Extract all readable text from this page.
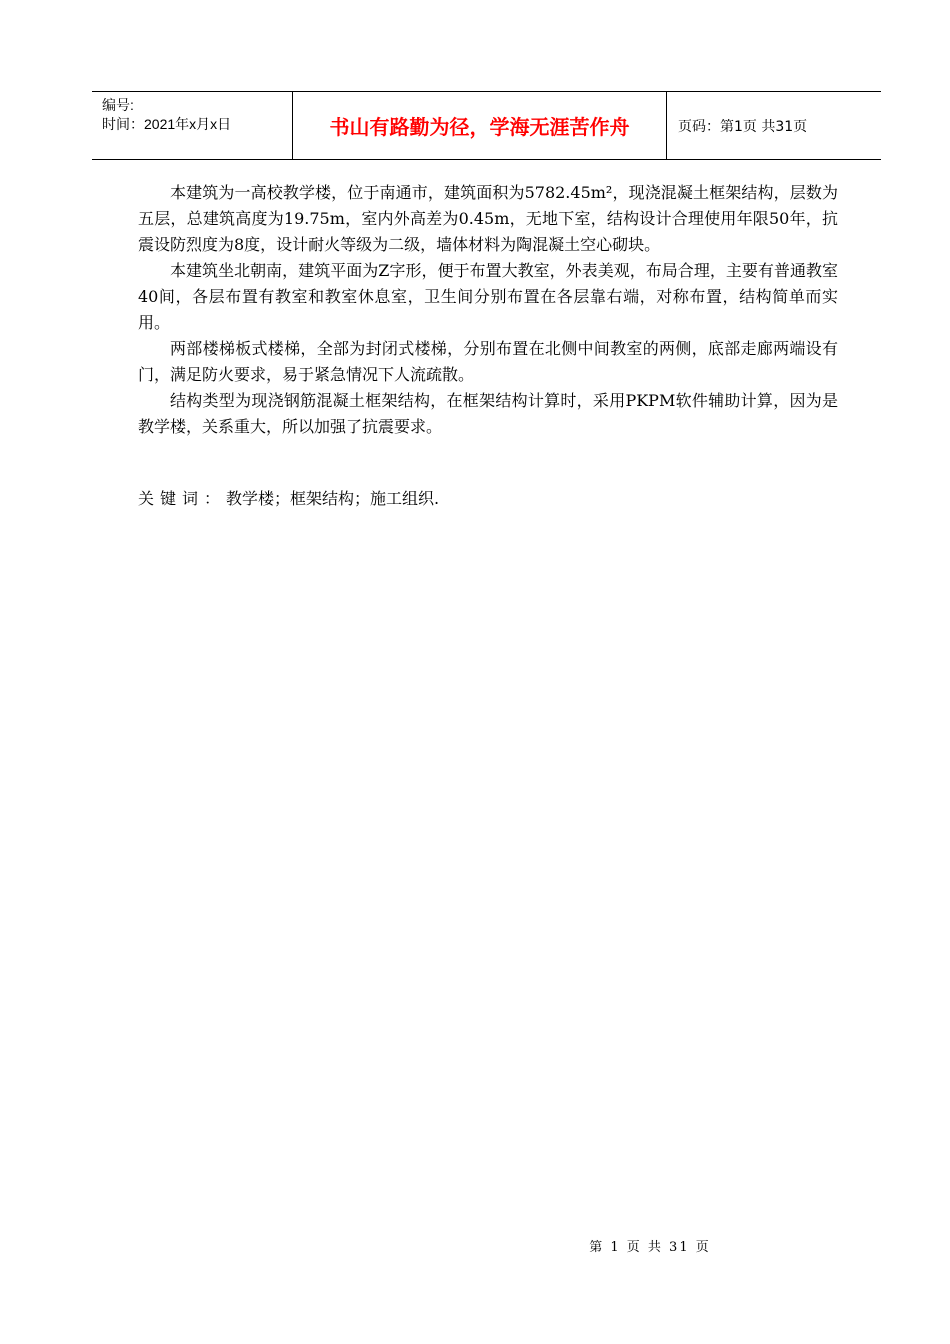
编号:
时间：2021年x月x日	书山有路勤为径，学海无涯苦作舟	页码：第1页 共31页

本建筑为一高校教学楼，位于南通市，建筑面积为5782.45m²，现浇混凝土框架结构，层数为五层，总建筑高度为19.75m，室内外高差为0.45m，无地下室，结构设计合理使用年限50年，抗震设防烈度为8度，设计耐火等级为二级，墙体材料为陶混凝土空心砌块。

本建筑坐北朝南，建筑平面为Z字形，便于布置大教室，外表美观，布局合理，主要有普通教室40间，各层布置有教室和教室休息室，卫生间分别布置在各层靠右端，对称布置，结构简单而实用。

两部楼梯板式楼梯，全部为封闭式楼梯，分别布置在北侧中间教室的两侧，底部走廊两端设有门，满足防火要求，易于紧急情况下人流疏散。

结构类型为现浇钢筋混凝土框架结构，在框架结构计算时，采用PKPM软件辅助计算，因为是教学楼，关系重大，所以加强了抗震要求。

关键词：教学楼；框架结构；施工组织.
第 1 页 共 31 页
